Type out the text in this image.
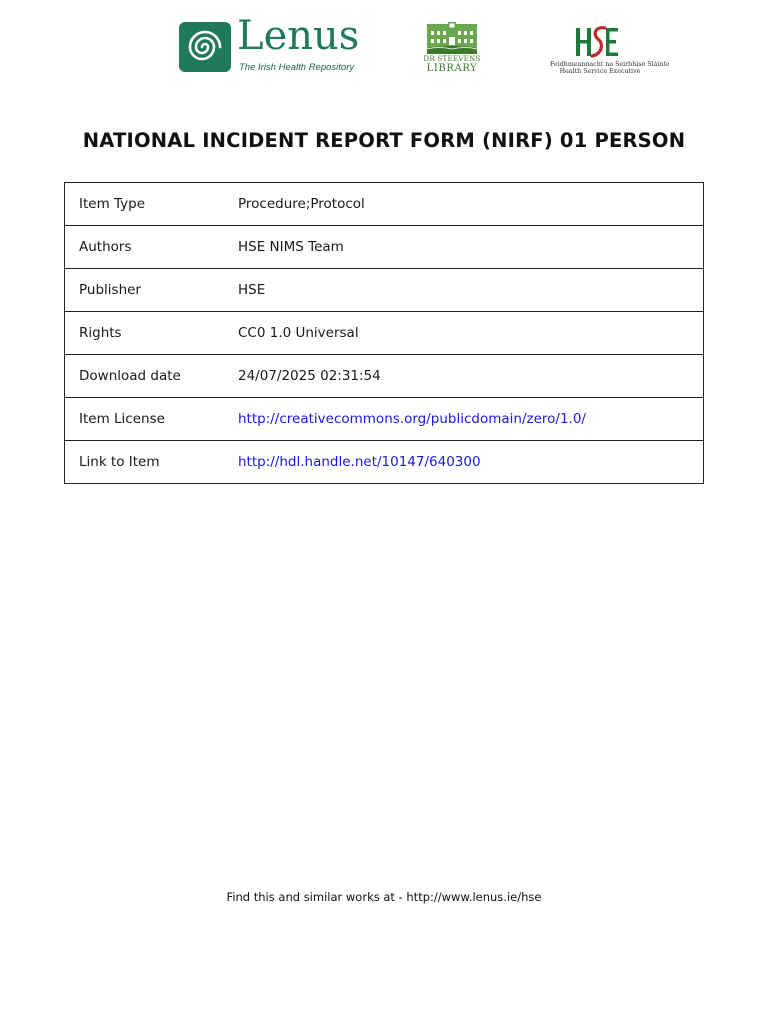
Lenus
The Irish Health Repository
DR STEEVENS
LIBRARY	Feidhmeannacht na Seirbhíse Sláinte
Health Service Executive
NATIONAL INCIDENT REPORT FORM (NIRF) 01 PERSON
Item Type	Procedure;Protocol
Authors	HSE NIMS Team
Publisher	HSE
Rights	CC0 1.0 Universal
Download date	24/07/2025 02:31:54
Item License	http://creativecommons.org/publicdomain/zero/1.0/
Link to Item	http://hdl.handle.net/10147/640300
Find this and similar works at - http://www.lenus.ie/hse
